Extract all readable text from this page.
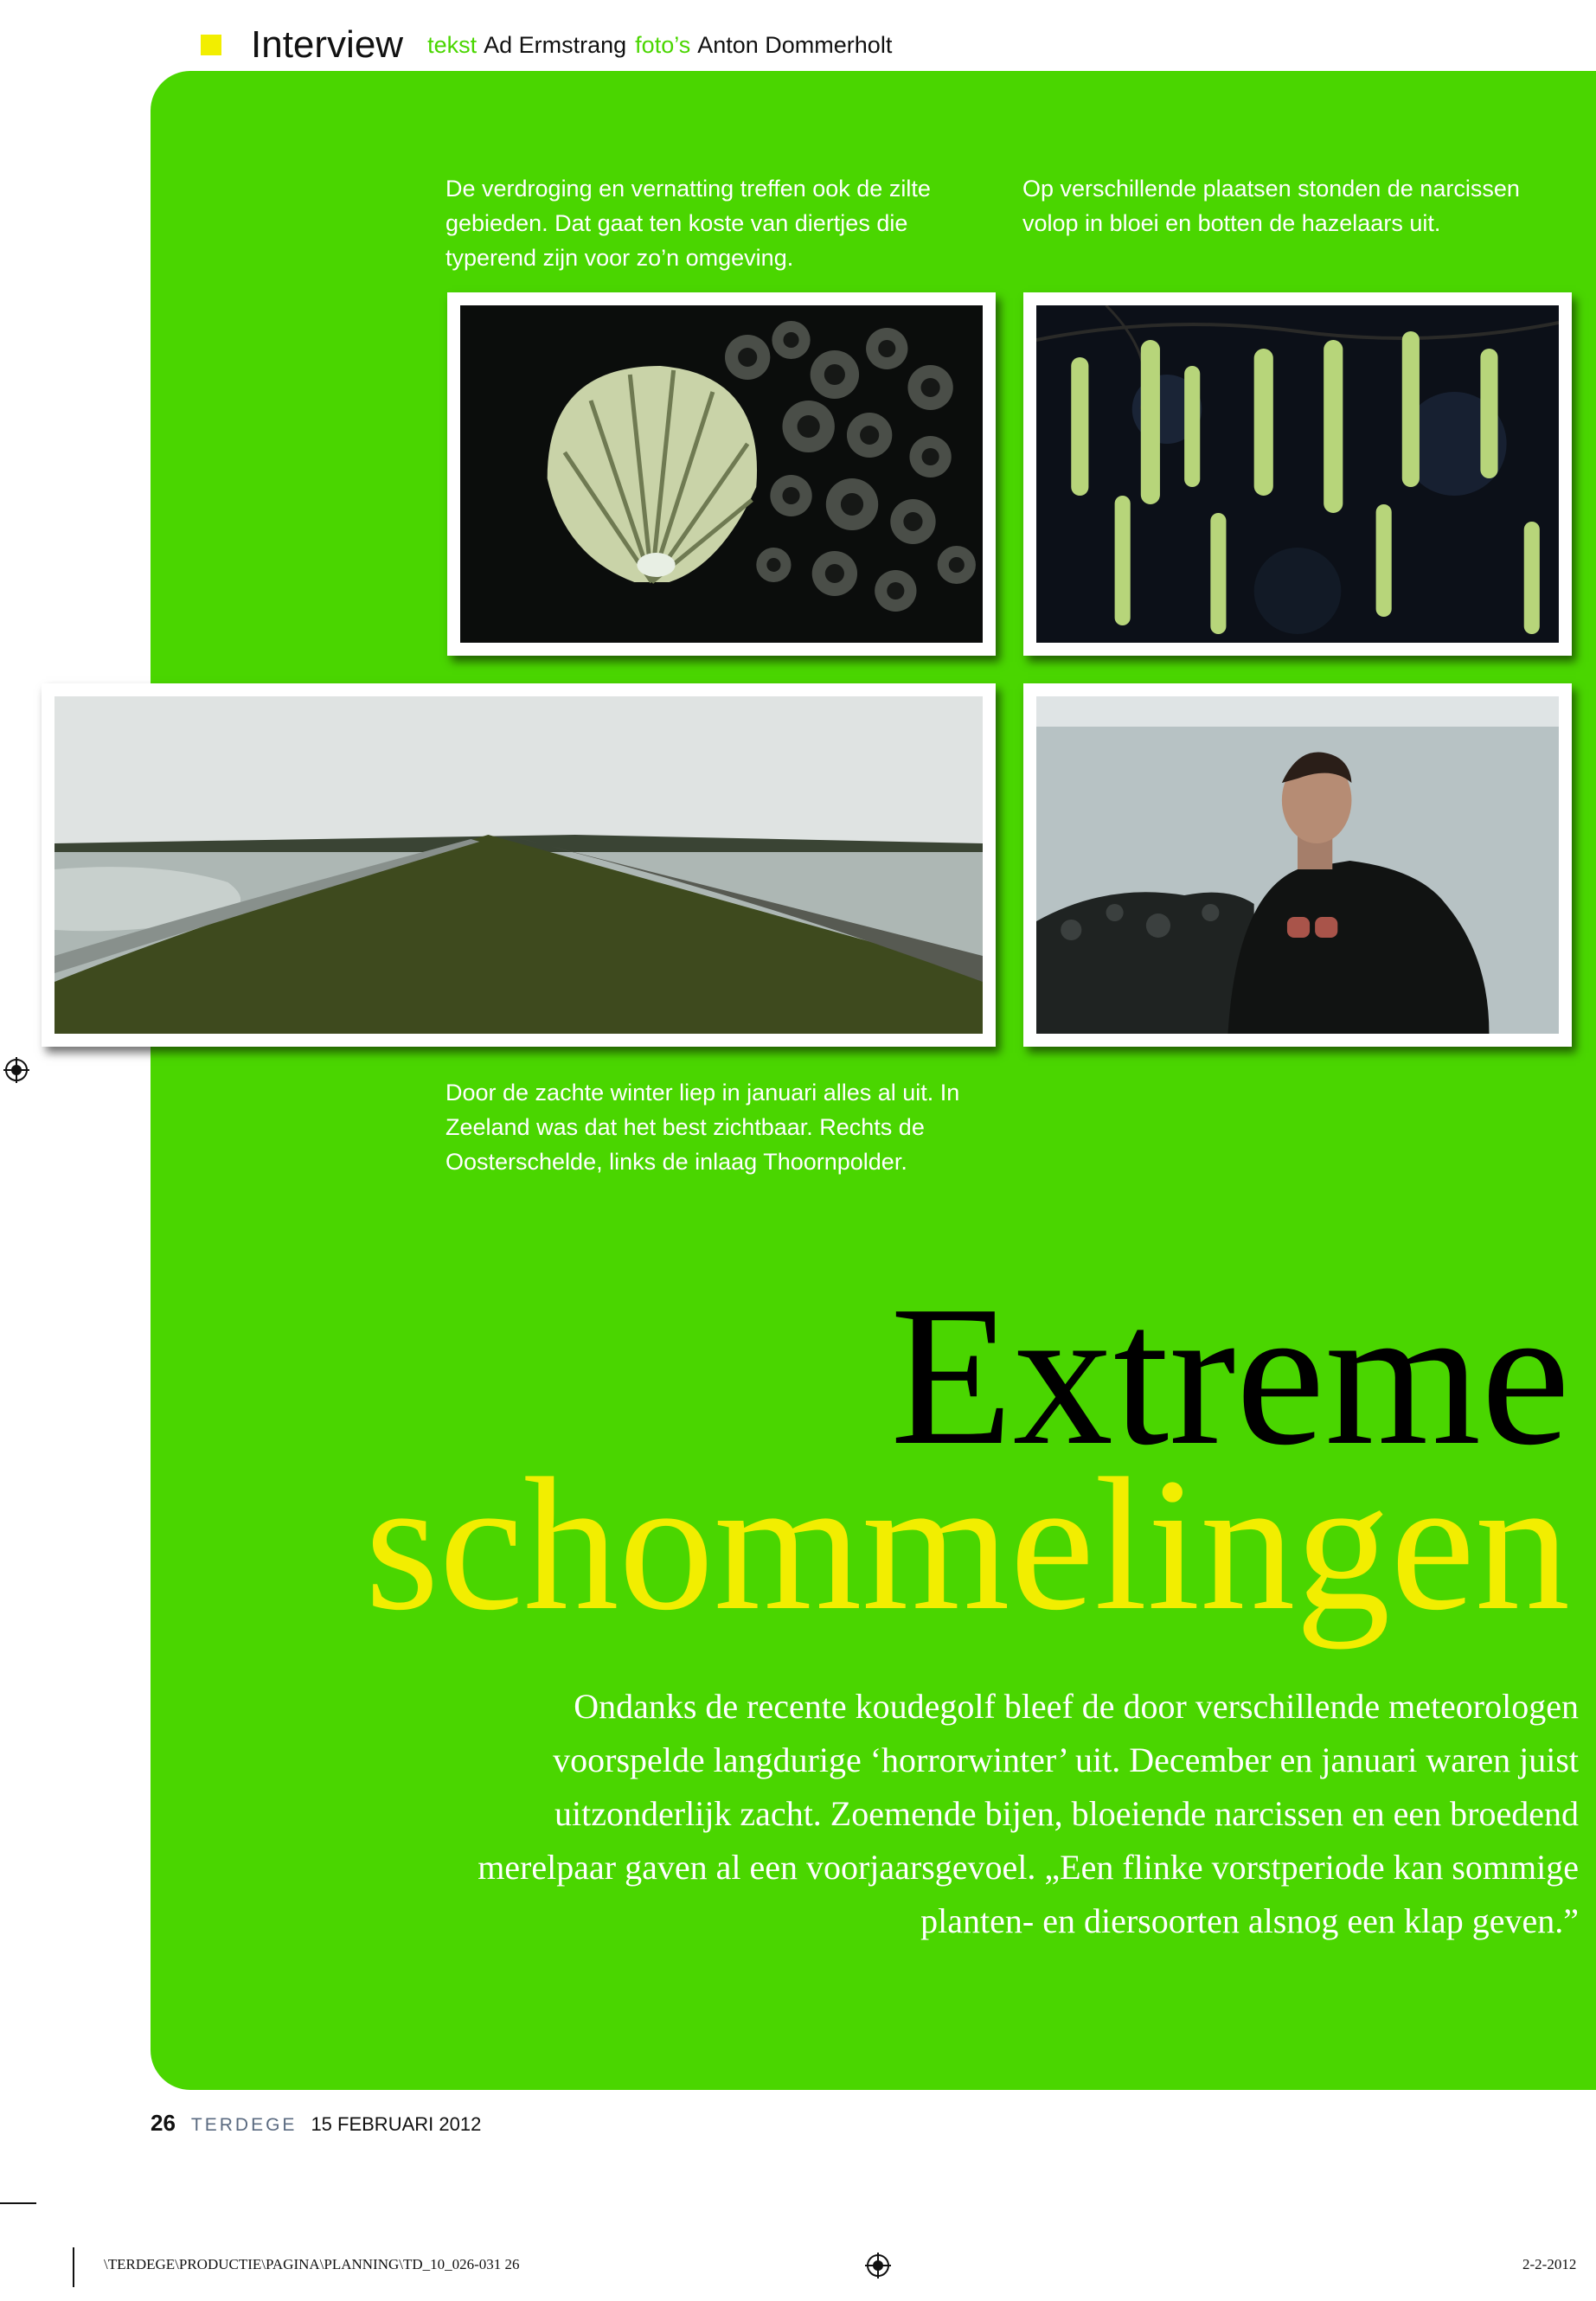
Interview tekst Ad Ermstrang foto’s Anton Dommerholt
De verdroging en vernatting treffen ook de zilte gebieden. Dat gaat ten koste van diertjes die typerend zijn voor zo’n omgeving.
Op verschillende plaatsen stonden de narcissen volop in bloei en botten de hazelaars uit.
Door de zachte winter liep in januari alles al uit. In Zeeland was dat het best zichtbaar. Rechts de Oosterschelde, links de inlaag Thoornpolder.
Extreme
schommelingen
Ondanks de recente koudegolf bleef de door verschillende meteorologen voorspelde langdurige ‘horrorwinter’ uit. December en januari waren juist uitzonderlijk zacht. Zoemende bijen, bloeiende narcissen en een broedend merelpaar gaven al een voorjaarsgevoel. „Een flinke vorstperiode kan sommige planten- en diersoorten alsnog een klap geven.”
26 TERDEGE 15 FEBRUARI 2012
\TERDEGE\PRODUCTIE\PAGINA\PLANNING\TD_10_026-031 26	2-2-2012
